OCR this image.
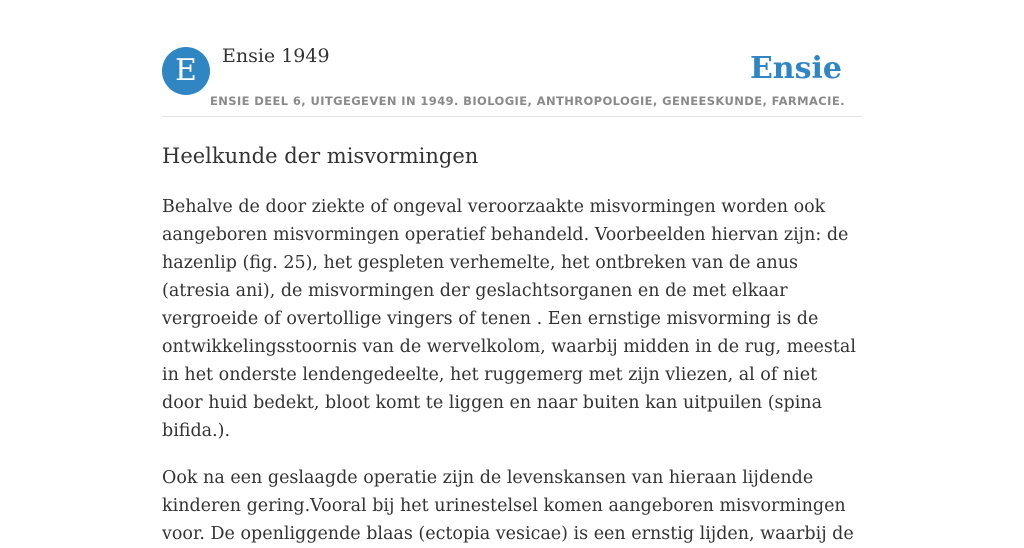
E	Ensie 1949	Ensie
ENSIE DEEL 6, UITGEGEVEN IN 1949. BIOLOGIE, ANTHROPOLOGIE, GENEESKUNDE, FARMACIE.
Heelkunde der misvormingen

Behalve de door ziekte of ongeval veroorzaakte misvormingen worden ook aangeboren misvormingen operatief behandeld. Voorbeelden hiervan zijn: de hazenlip (fig. 25), het gespleten verhemelte, het ontbreken van de anus (atresia ani), de misvormingen der geslachtsorganen en de met elkaar vergroeide of overtollige vingers of tenen . Een ernstige misvorming is de ontwikkelingsstoornis van de wervelkolom, waarbij midden in de rug, meestal in het onderste lendengedeelte, het ruggemerg met zijn vliezen, al of niet door huid bedekt, bloot komt te liggen en naar buiten kan uitpuilen (spina bifida.).

Ook na een geslaagde operatie zijn de levenskansen van hieraan lijdende kinderen gering.Vooral bij het urinestelsel komen aangeboren misvormingen voor. De openliggende blaas (ectopia vesicae) is een ernstig lijden, waarbij de
